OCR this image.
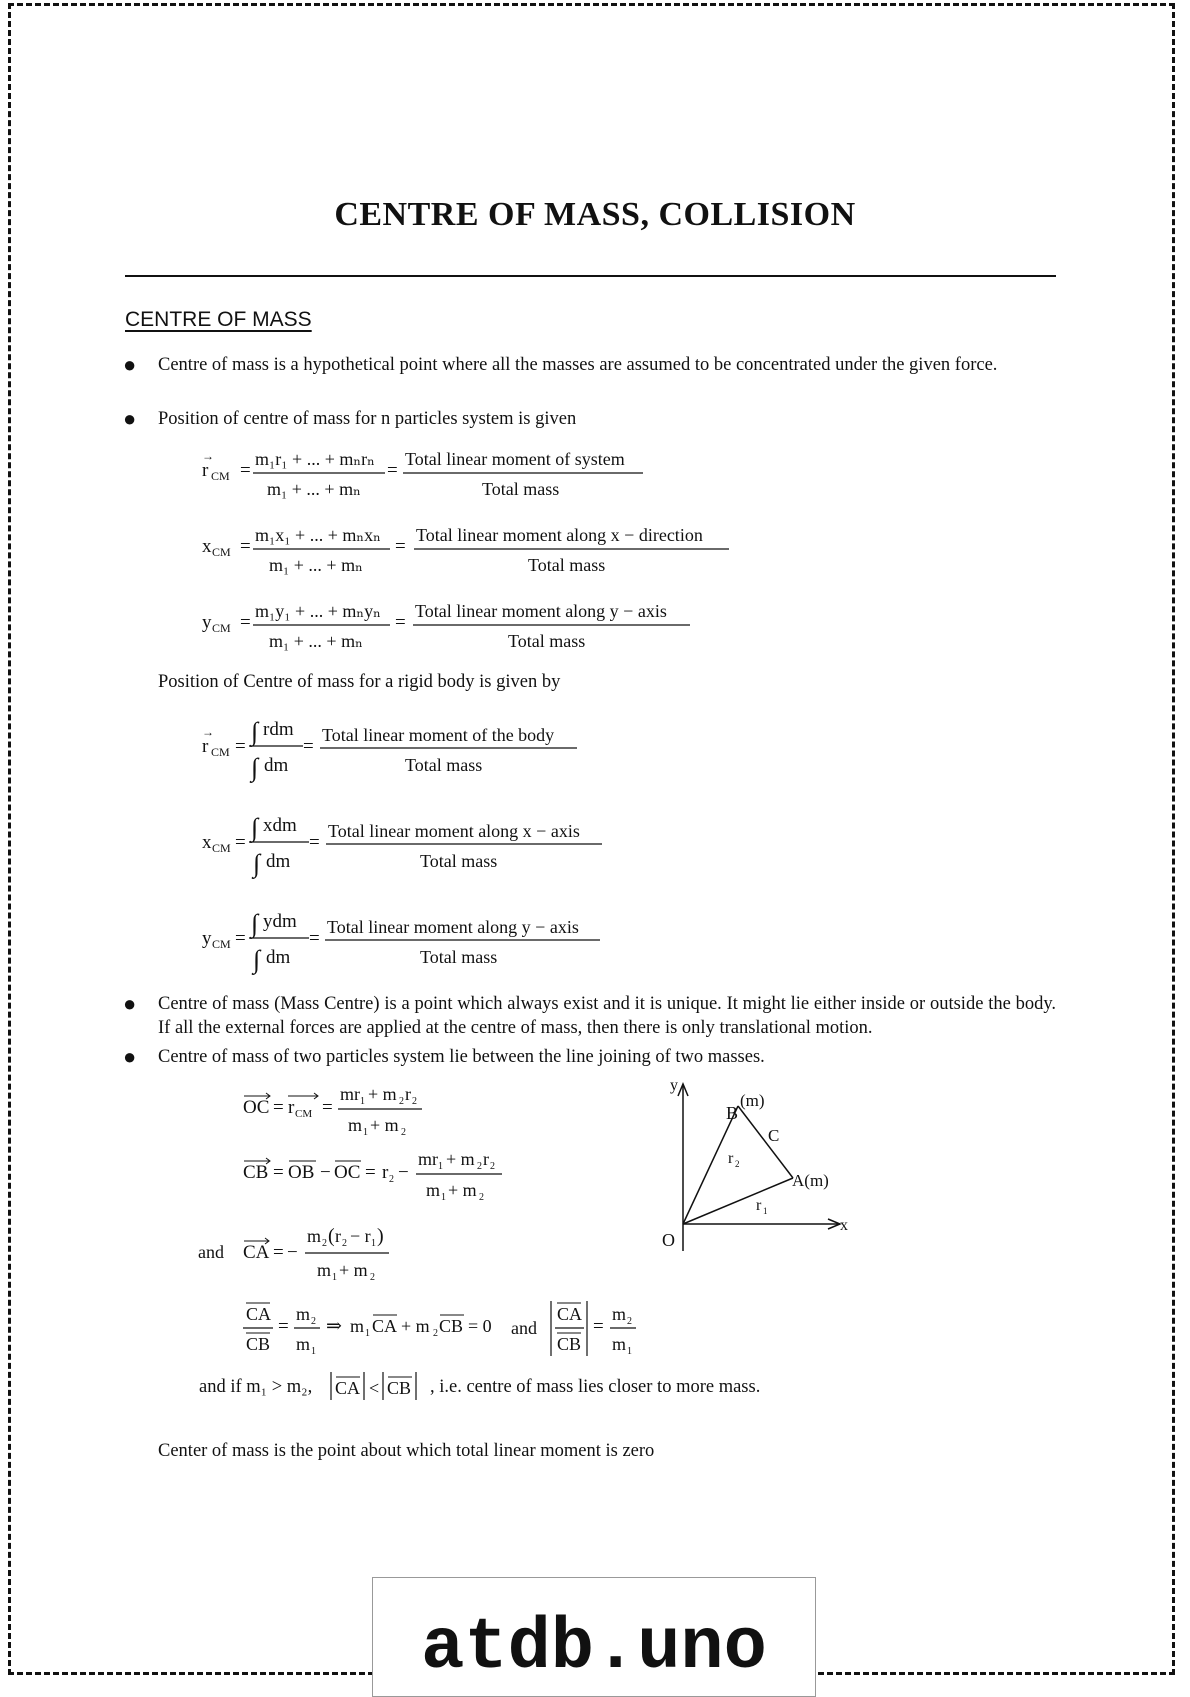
CENTRE OF MASS, COLLISION
CENTRE OF MASS
● Centre of mass is a hypothetical point where all the masses are assumed to be concentrated under the given force.
● Position of centre of mass for n particles system is given
r
→
CM =
m₁r₁ + ... + mₙrₙ
m₁ + ... + mₙ
=
Total linear moment of system
Total mass
x CM =
m₁x₁ + ... + mₙxₙ
m₁ + ... + mₙ
=
Total linear moment along x − direction
Total mass
y CM =
m₁y₁ + ... + mₙyₙ
m₁ + ... + mₙ
=
Total linear moment along y − axis
Total mass
Position of Centre of mass for a rigid body is given by
r
→
CM =
∫ rdm
∫ dm
=
Total linear moment of the body
Total mass
x CM =
∫ xdm
∫ dm
=
Total linear moment along x − axis
Total mass
y CM =
∫ ydm
∫ dm
=
Total linear moment along y − axis
Total mass
● Centre of mass (Mass Centre) is a point which always exist and it is unique. It might lie either inside or outside the body. If all the external forces are applied at the centre of mass, then there is only translational motion.
● Centre of mass of two particles system lie between the line joining of two masses.
OC = r CM =
mr 1 + m 2 r 2
m 1 + m 2
CB = OB − OC = r 2 −
mr 1 + m 2 r 2
m 1 + m 2
and CA = −
m 2 ( r 2 − r 1 )
m 1 + m 2
CA
CB
=
m 2
m 1
⇒ m 1 CA + m 2 CB = 0 and
CA
CB
=
m 2
m 1
and if m₁ > m₂, CA < CB , i.e. centre of mass lies closer to more mass.
y
x
O
B
(m)
C
A(m)
r 2
r 1
Center of mass is the point about which total linear moment is zero
atdb.uno
